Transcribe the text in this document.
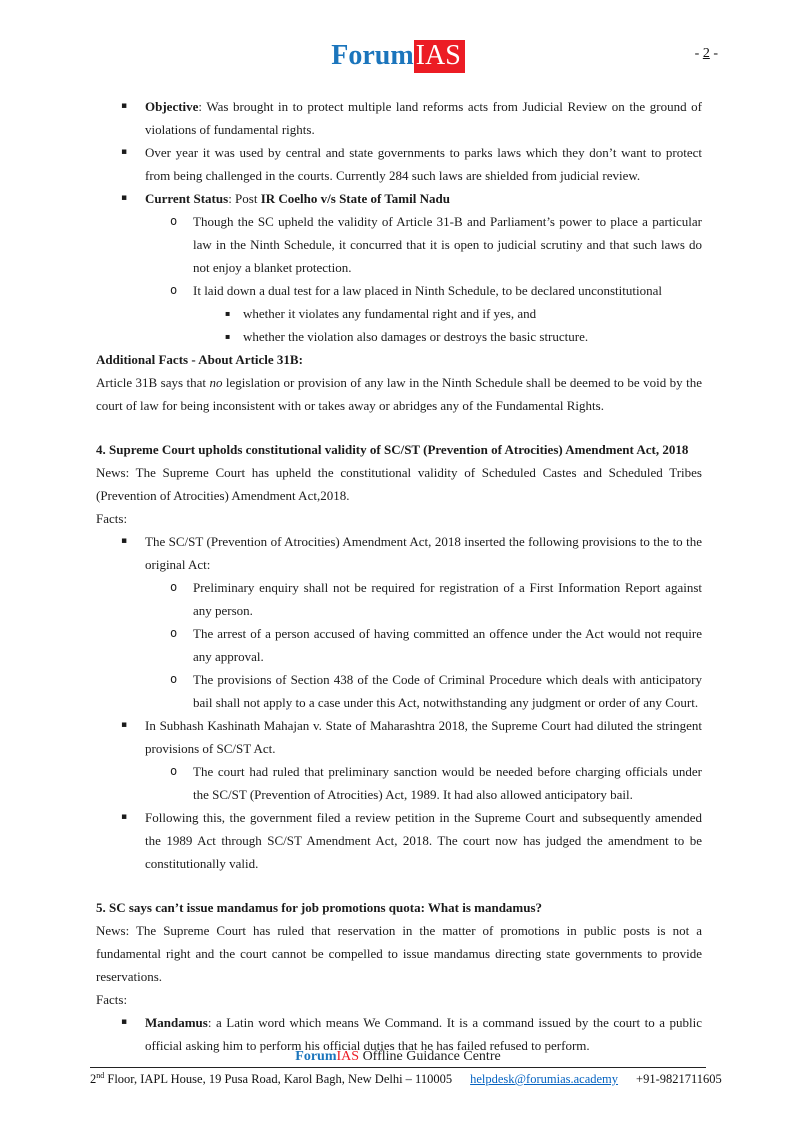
ForumIAS	- 2 -
▪ Objective: Was brought in to protect multiple land reforms acts from Judicial Review on the ground of violations of fundamental rights.
▪ Over year it was used by central and state governments to parks laws which they don’t want to protect from being challenged in the courts. Currently 284 such laws are shielded from judicial review.
▪ Current Status: Post IR Coelho v/s State of Tamil Nadu
o Though the SC upheld the validity of Article 31-B and Parliament’s power to place a particular law in the Ninth Schedule, it concurred that it is open to judicial scrutiny and that such laws do not enjoy a blanket protection.
o It laid down a dual test for a law placed in Ninth Schedule, to be declared unconstitutional
▪ whether it violates any fundamental right and if yes, and
▪ whether the violation also damages or destroys the basic structure.
Additional Facts - About Article 31B:
Article 31B says that no legislation or provision of any law in the Ninth Schedule shall be deemed to be void by the court of law for being inconsistent with or takes away or abridges any of the Fundamental Rights.
4. Supreme Court upholds constitutional validity of SC/ST (Prevention of Atrocities) Amendment Act, 2018
News: The Supreme Court has upheld the constitutional validity of Scheduled Castes and Scheduled Tribes (Prevention of Atrocities) Amendment Act,2018.
Facts:
▪ The SC/ST (Prevention of Atrocities) Amendment Act, 2018 inserted the following provisions to the to the original Act:
o Preliminary enquiry shall not be required for registration of a First Information Report against any person.
o The arrest of a person accused of having committed an offence under the Act would not require any approval.
o The provisions of Section 438 of the Code of Criminal Procedure which deals with anticipatory bail shall not apply to a case under this Act, notwithstanding any judgment or order of any Court.
▪ In Subhash Kashinath Mahajan v. State of Maharashtra 2018, the Supreme Court had diluted the stringent provisions of SC/ST Act.
o The court had ruled that preliminary sanction would be needed before charging officials under the SC/ST (Prevention of Atrocities) Act, 1989. It had also allowed anticipatory bail.
▪ Following this, the government filed a review petition in the Supreme Court and subsequently amended the 1989 Act through SC/ST Amendment Act, 2018. The court now has judged the amendment to be constitutionally valid.
5. SC says can’t issue mandamus for job promotions quota: What is mandamus?
News: The Supreme Court has ruled that reservation in the matter of promotions in public posts is not a fundamental right and the court cannot be compelled to issue mandamus directing state governments to provide reservations.
Facts:
▪ Mandamus: a Latin word which means We Command. It is a command issued by the court to a public official asking him to perform his official duties that he has failed refused to perform.
ForumIAS Offline Guidance Centre
2nd Floor, IAPL House, 19 Pusa Road, Karol Bagh, New Delhi – 110005 helpdesk@forumias.academy +91-9821711605
